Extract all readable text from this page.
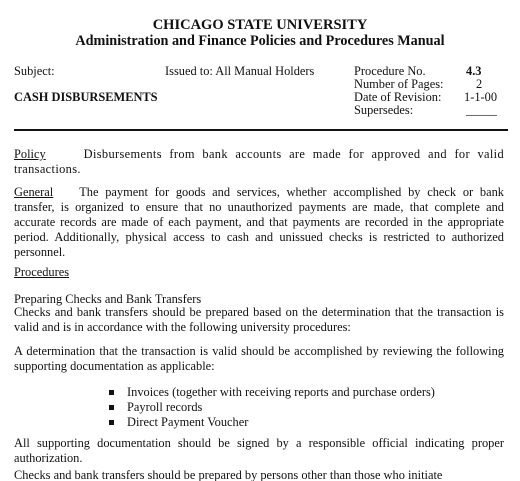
CHICAGO STATE UNIVERSITY
Administration and Finance Policies and Procedures Manual
Subject:	Issued to: All Manual Holders
CASH DISBURSEMENTS
Procedure No.	4.3
Number of Pages:	2
Date of Revision: 1-1-00
Supersedes:	_____
Policy	Disbursements from bank accounts are made for approved and for valid transactions.
General The payment for goods and services, whether accomplished by check or bank transfer, is organized to ensure that no unauthorized payments are made, that complete and accurate records are made of each payment, and that payments are recorded in the appropriate period. Additionally, physical access to cash and unissued checks is restricted to authorized personnel.
Procedures
Preparing Checks and Bank Transfers
Checks and bank transfers should be prepared based on the determination that the transaction is valid and is in accordance with the following university procedures:
A determination that the transaction is valid should be accomplished by reviewing the following supporting documentation as applicable:
Invoices (together with receiving reports and purchase orders)
Payroll records
Direct Payment Voucher
All supporting documentation should be signed by a responsible official indicating proper authorization.
Checks and bank transfers should be prepared by persons other than those who initiate
